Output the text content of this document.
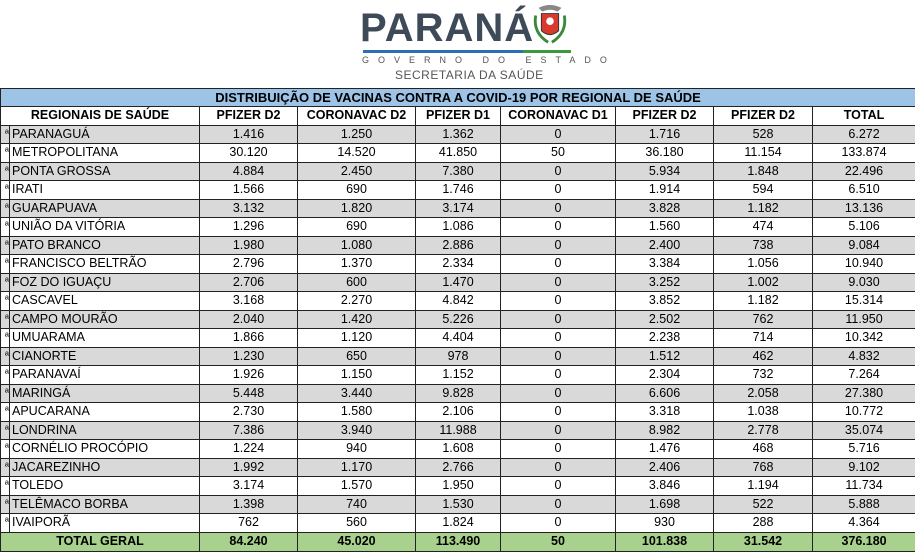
PARANÁ
GOVERNO DO ESTADO
SECRETARIA DA SAÚDE
DISTRIBUIÇÃO DE VACINAS CONTRA A COVID-19 POR REGIONAL DE SAÚDE								
REGIONAIS DE SAÚDE		PFIZER D2	CORONAVAC D2	PFIZER D1	CORONAVAC D1	PFIZER D2	PFIZER D2	TOTAL
ª	PARANAGUÁ	1.416	1.250	1.362	0	1.716	528	6.272
ª	METROPOLITANA	30.120	14.520	41.850	50	36.180	11.154	133.874
ª	PONTA GROSSA	4.884	2.450	7.380	0	5.934	1.848	22.496
ª	IRATI	1.566	690	1.746	0	1.914	594	6.510
ª	GUARAPUAVA	3.132	1.820	3.174	0	3.828	1.182	13.136
ª	UNIÃO DA VITÓRIA	1.296	690	1.086	0	1.560	474	5.106
ª	PATO BRANCO	1.980	1.080	2.886	0	2.400	738	9.084
ª	FRANCISCO BELTRÃO	2.796	1.370	2.334	0	3.384	1.056	10.940
ª	FOZ DO IGUAÇU	2.706	600	1.470	0	3.252	1.002	9.030
ª	CASCAVEL	3.168	2.270	4.842	0	3.852	1.182	15.314
ª	CAMPO MOURÃO	2.040	1.420	5.226	0	2.502	762	11.950
ª	UMUARAMA	1.866	1.120	4.404	0	2.238	714	10.342
ª	CIANORTE	1.230	650	978	0	1.512	462	4.832
ª	PARANAVAÍ	1.926	1.150	1.152	0	2.304	732	7.264
ª	MARINGÁ	5.448	3.440	9.828	0	6.606	2.058	27.380
ª	APUCARANA	2.730	1.580	2.106	0	3.318	1.038	10.772
ª	LONDRINA	7.386	3.940	11.988	0	8.982	2.778	35.074
ª	CORNÉLIO PROCÓPIO	1.224	940	1.608	0	1.476	468	5.716
ª	JACAREZINHO	1.992	1.170	2.766	0	2.406	768	9.102
ª	TOLEDO	3.174	1.570	1.950	0	3.846	1.194	11.734
ª	TELÊMACO BORBA	1.398	740	1.530	0	1.698	522	5.888
ª	IVAIPORÃ	762	560	1.824	0	930	288	4.364
TOTAL GERAL		84.240	45.020	113.490	50	101.838	31.542	376.180
